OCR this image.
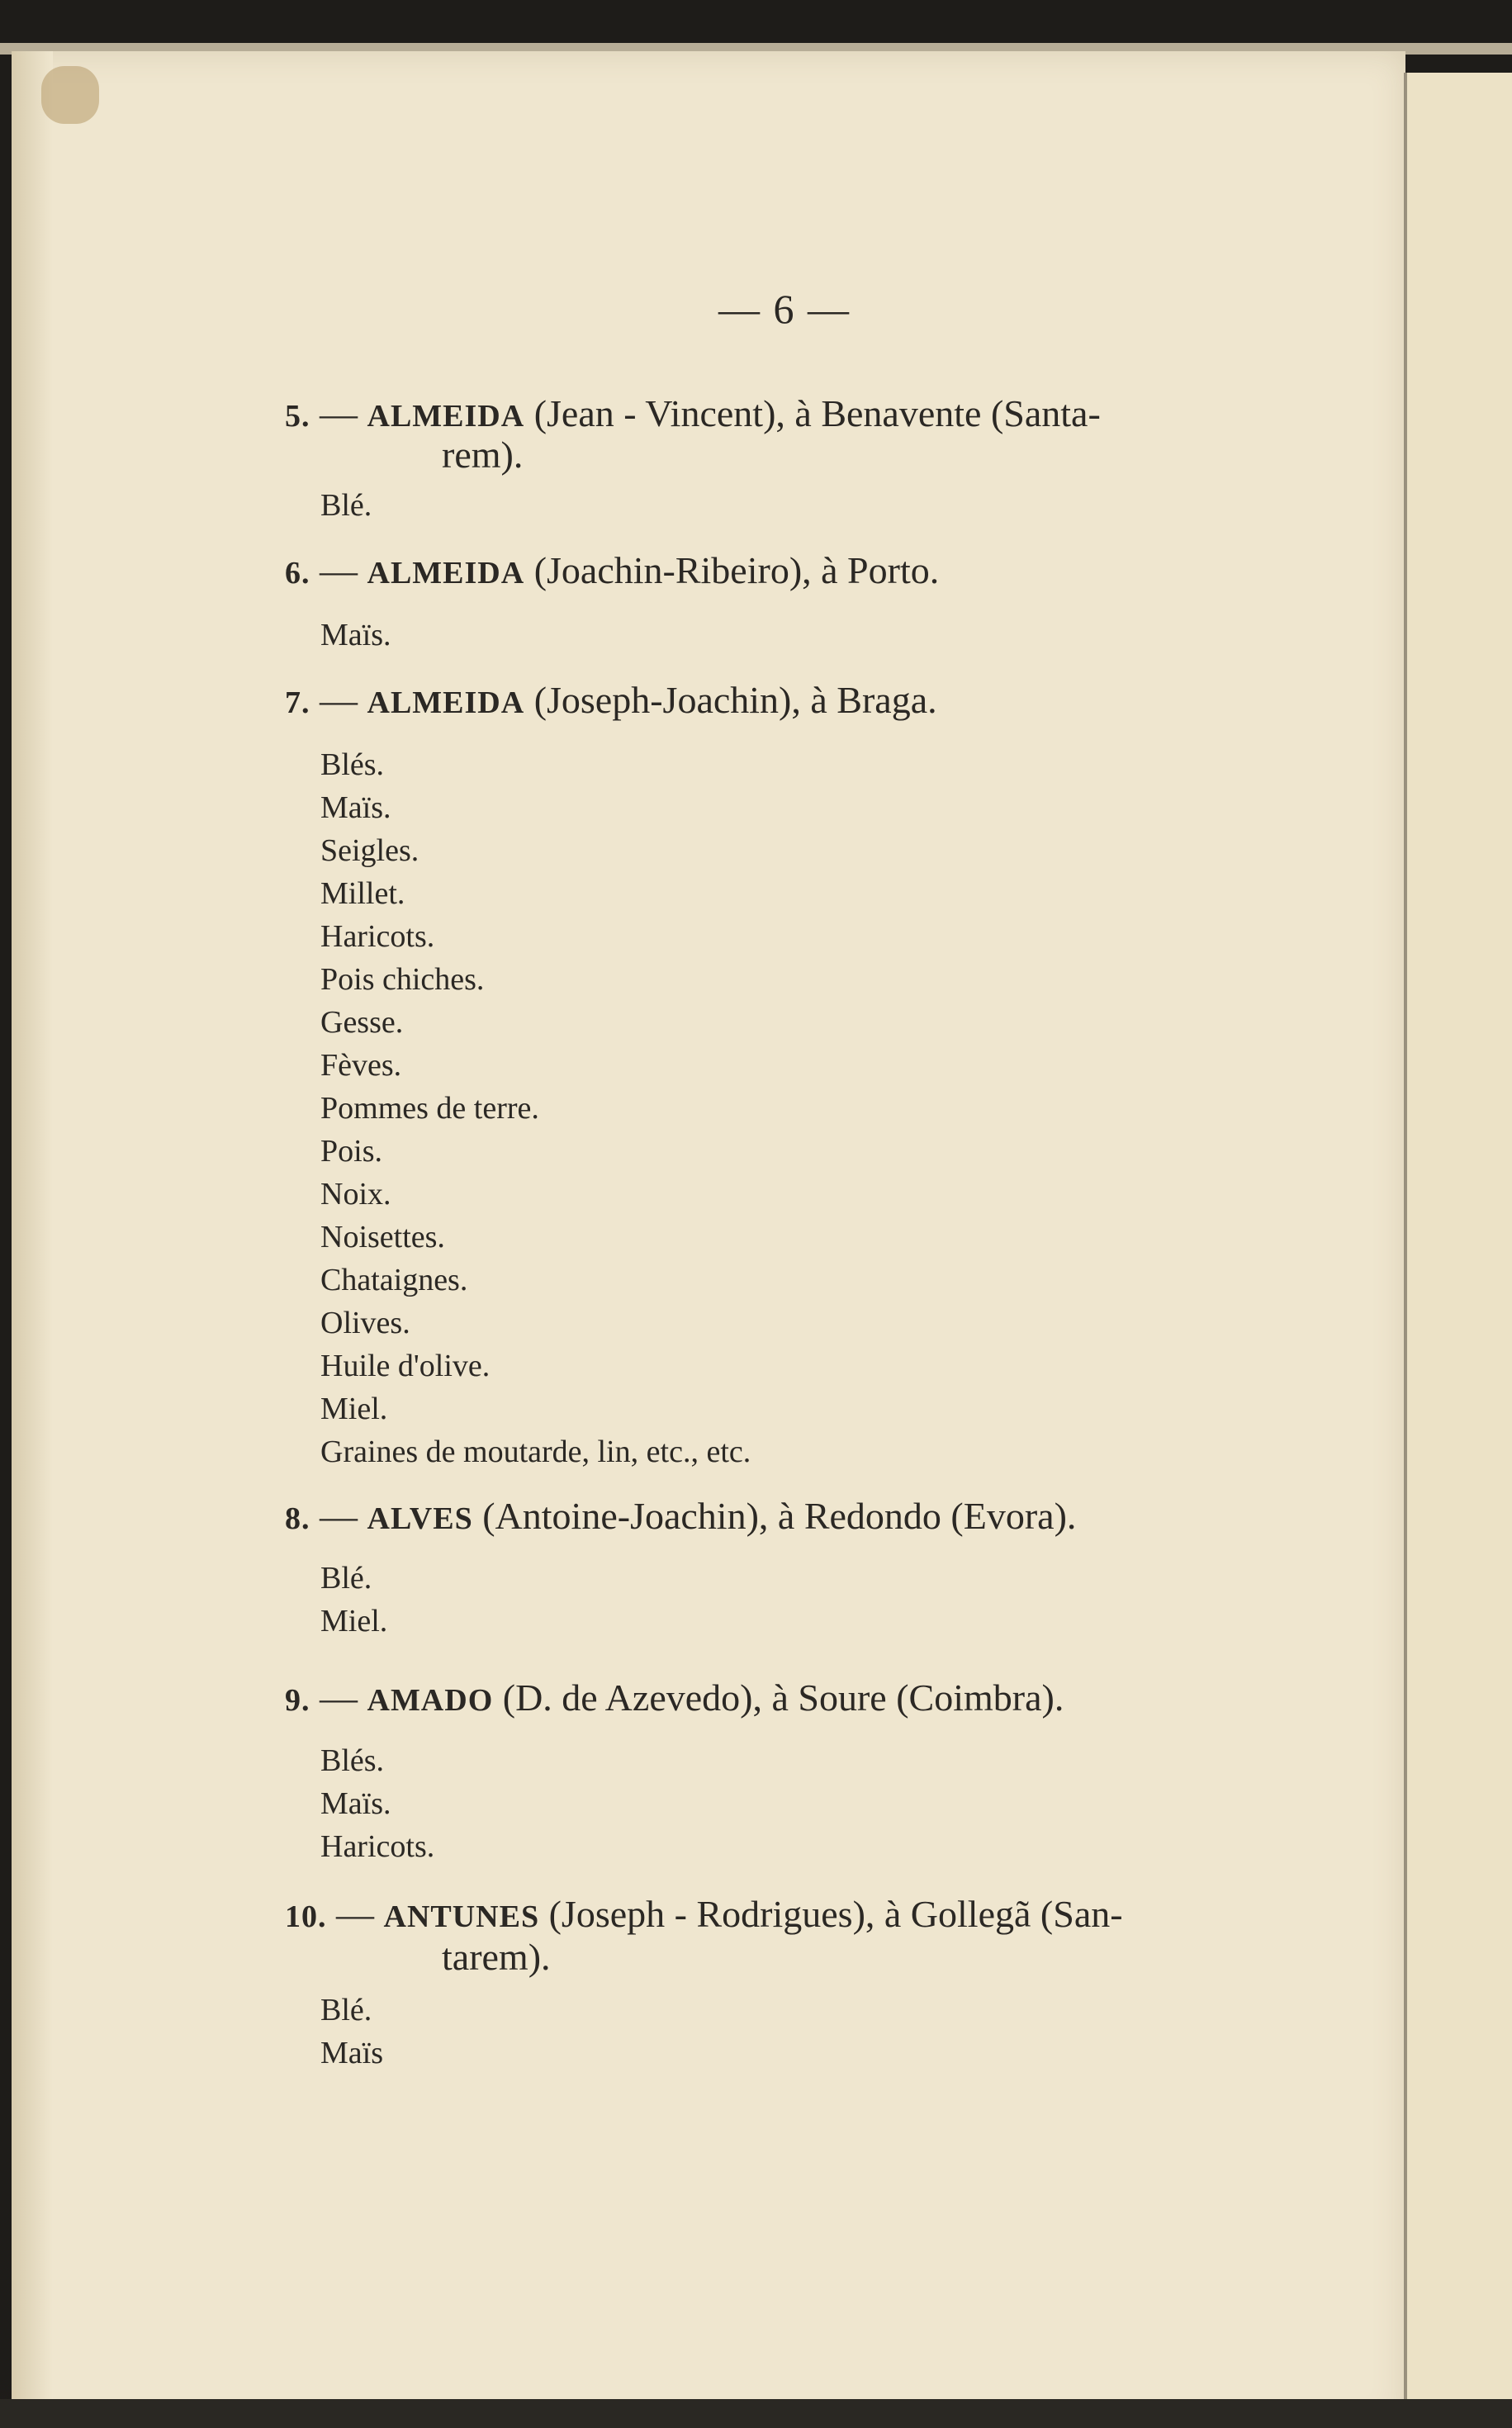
— 6 —
5. — ALMEIDA (Jean - Vincent), à Benavente (Santa-
rem).
Blé.
6. — ALMEIDA (Joachin-Ribeiro), à Porto.
Maïs.
7. — ALMEIDA (Joseph-Joachin), à Braga.
Blés.
Maïs.
Seigles.
Millet.
Haricots.
Pois chiches.
Gesse.
Fèves.
Pommes de terre.
Pois.
Noix.
Noisettes.
Chataignes.
Olives.
Huile d'olive.
Miel.
Graines de moutarde, lin, etc., etc.
8. — ALVES (Antoine-Joachin), à Redondo (Evora).
Blé.
Miel.
9. — AMADO (D. de Azevedo), à Soure (Coimbra).
Blés.
Maïs.
Haricots.
10. — ANTUNES (Joseph - Rodrigues), à Gollegã (San-
tarem).
Blé.
Maïs
